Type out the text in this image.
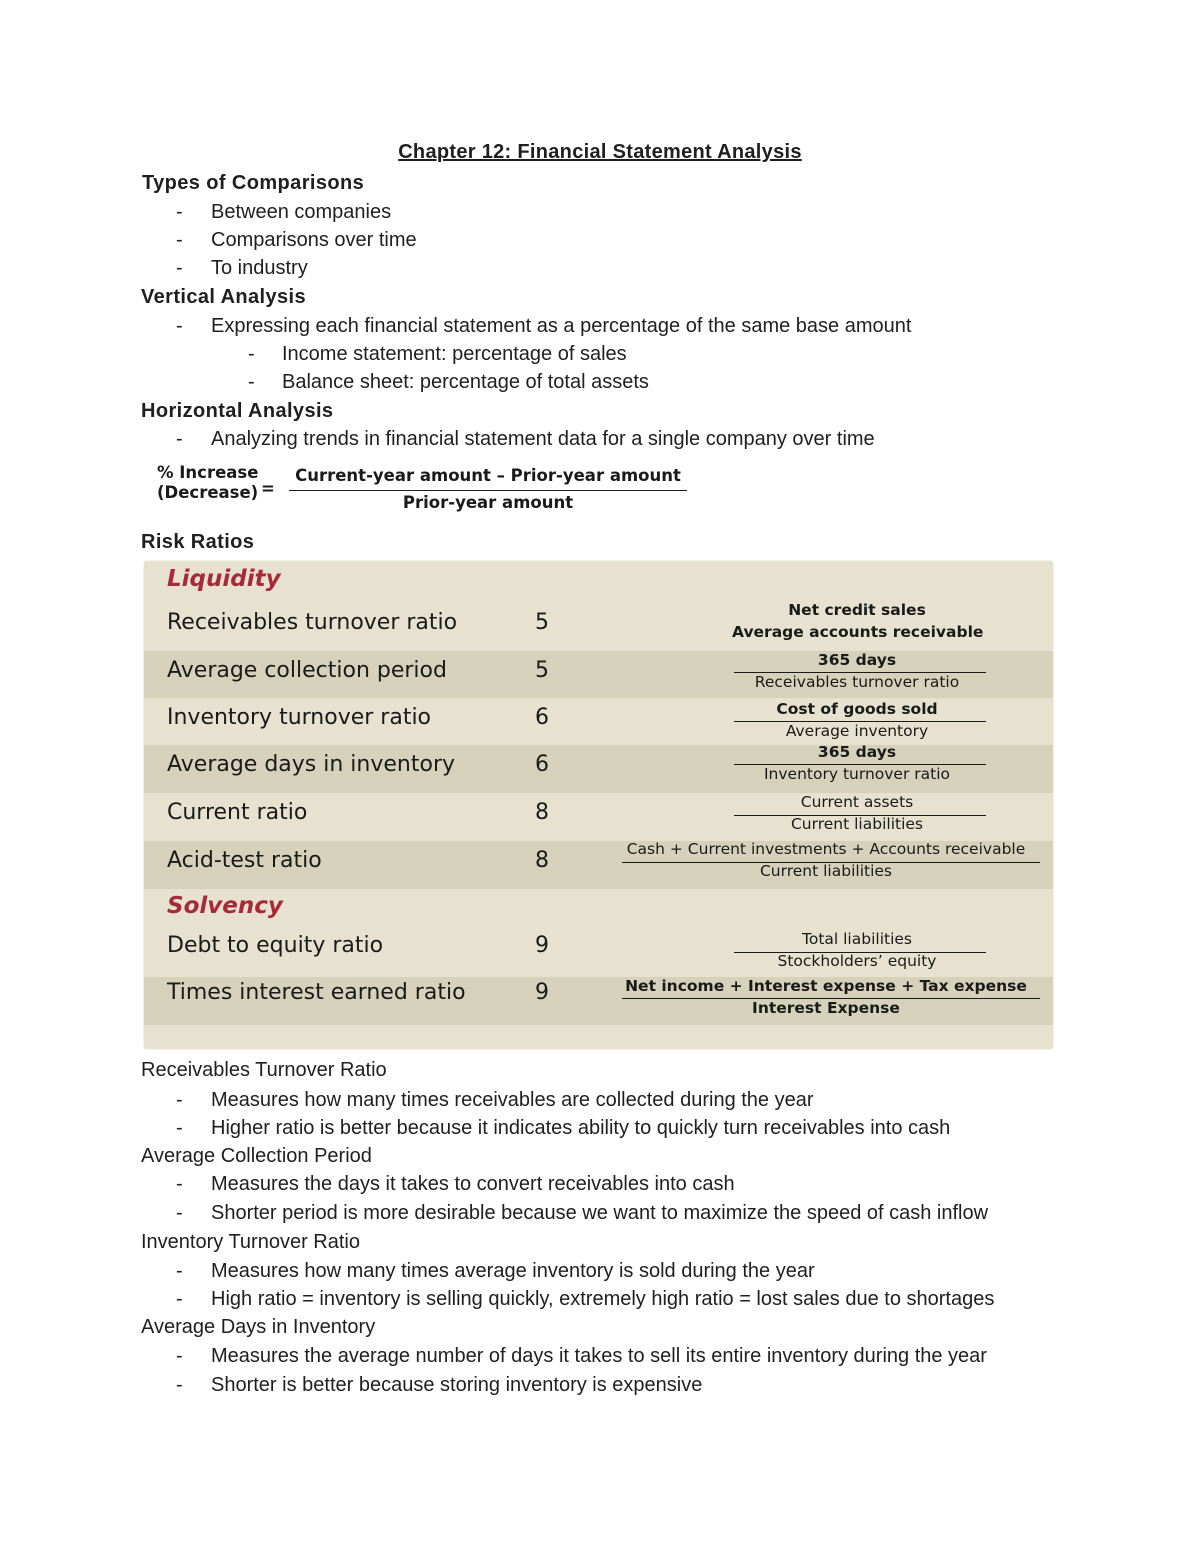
Chapter 12: Financial Statement Analysis
Types of Comparisons
- Between companies
- Comparisons over time
- To industry
Vertical Analysis
- Expressing each financial statement as a percentage of the same base amount
- Income statement: percentage of sales
- Balance sheet: percentage of total assets
Horizontal Analysis
- Analyzing trends in financial statement data for a single company over time
% Increase
(Decrease) =
Current-year amount – Prior-year amount
Prior-year amount
Risk Ratios
Liquidity
Receivables turnover ratio	5	Net credit sales
Average accounts receivable
Average collection period	5	365 days
Receivables turnover ratio
Inventory turnover ratio	6	Cost of goods sold
Average inventory
Average days in inventory	6	365 days
Inventory turnover ratio
Current ratio	8	Current assets
Current liabilities
Acid-test ratio	8	Cash + Current investments + Accounts receivable
Current liabilities
Solvency
Debt to equity ratio	9	Total liabilities
Stockholders’ equity
Times interest earned ratio	9	Net income + Interest expense + Tax expense
Interest Expense
Receivables Turnover Ratio
- Measures how many times receivables are collected during the year
- Higher ratio is better because it indicates ability to quickly turn receivables into cash
Average Collection Period
- Measures the days it takes to convert receivables into cash
- Shorter period is more desirable because we want to maximize the speed of cash inflow
Inventory Turnover Ratio
- Measures how many times average inventory is sold during the year
- High ratio = inventory is selling quickly, extremely high ratio = lost sales due to shortages
Average Days in Inventory
- Measures the average number of days it takes to sell its entire inventory during the year
- Shorter is better because storing inventory is expensive
